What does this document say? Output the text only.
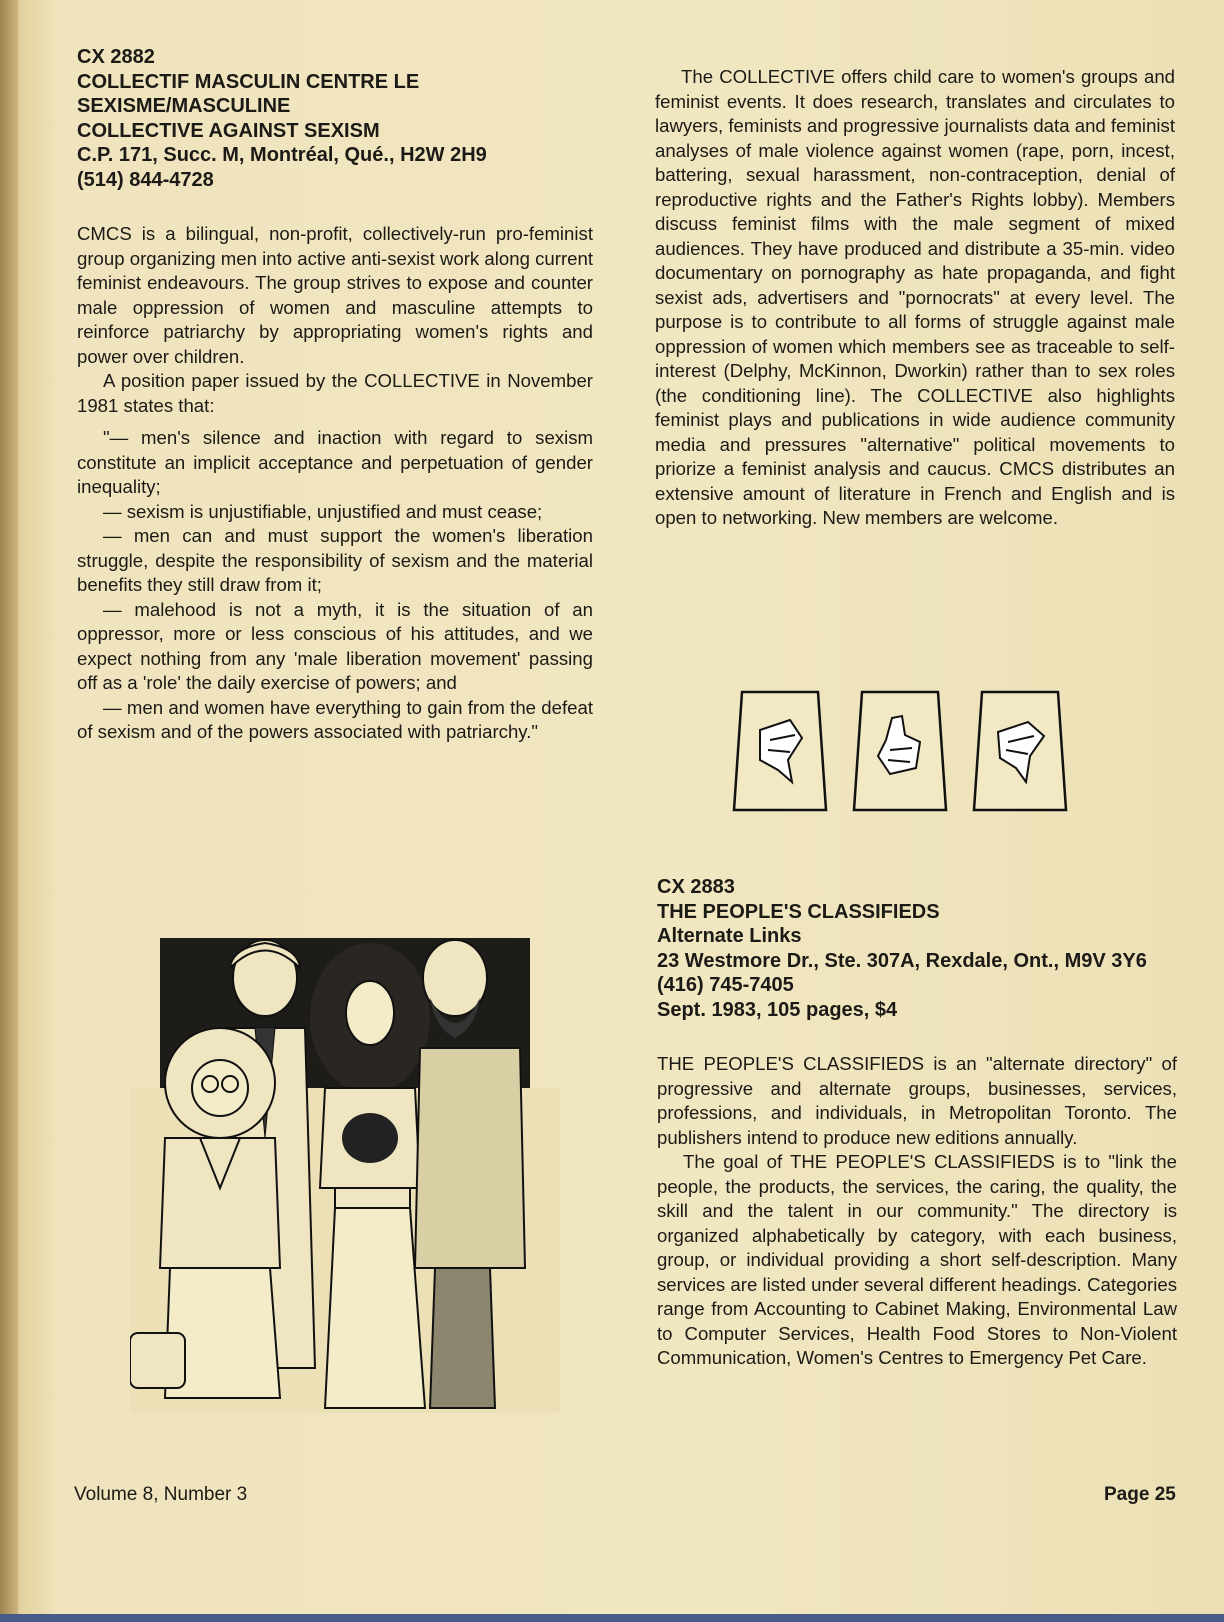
CX 2882
COLLECTIF MASCULIN CENTRE LE
SEXISME/MASCULINE
COLLECTIVE AGAINST SEXISM
C.P. 171, Succ. M, Montréal, Qué., H2W 2H9
(514) 844-4728

CMCS is a bilingual, non-profit, collectively-run pro-feminist group organizing men into active anti-sexist work along current feminist endeavours. The group strives to expose and counter male oppression of women and masculine attempts to reinforce patriarchy by appropriating women's rights and power over children.

A position paper issued by the COLLECTIVE in November 1981 states that:

"— men's silence and inaction with regard to sexism constitute an implicit acceptance and perpetuation of gender inequality;

— sexism is unjustifiable, unjustified and must cease;

— men can and must support the women's liberation struggle, despite the responsibility of sexism and the material benefits they still draw from it;

— malehood is not a myth, it is the situation of an oppressor, more or less conscious of his attitudes, and we expect nothing from any 'male liberation movement' passing off as a 'role' the daily exercise of powers; and

— men and women have everything to gain from the defeat of sexism and of the powers associated with patriarchy."

The COLLECTIVE offers child care to women's groups and feminist events. It does research, translates and circulates to lawyers, feminists and progressive journalists data and feminist analyses of male violence against women (rape, porn, incest, battering, sexual harassment, non-contraception, denial of reproductive rights and the Father's Rights lobby). Members discuss feminist films with the male segment of mixed audiences. They have produced and distribute a 35-min. video documentary on pornography as hate propaganda, and fight sexist ads, advertisers and "pornocrats" at every level. The purpose is to contribute to all forms of struggle against male oppression of women which members see as traceable to self-interest (Delphy, McKinnon, Dworkin) rather than to sex roles (the conditioning line). The COLLECTIVE also highlights feminist plays and publications in wide audience community media and pressures "alternative" political movements to priorize a feminist analysis and caucus. CMCS distributes an extensive amount of literature in French and English and is open to networking. New members are welcome.

CX 2883
THE PEOPLE'S CLASSIFIEDS
Alternate Links
23 Westmore Dr., Ste. 307A, Rexdale, Ont., M9V 3Y6
(416) 745-7405
Sept. 1983, 105 pages, $4

THE PEOPLE'S CLASSIFIEDS is an "alternate directory" of progressive and alternate groups, businesses, services, professions, and individuals, in Metropolitan Toronto. The publishers intend to produce new editions annually.

The goal of THE PEOPLE'S CLASSIFIEDS is to "link the people, the products, the services, the caring, the quality, the skill and the talent in our community." The directory is organized alphabetically by category, with each business, group, or individual providing a short self-description. Many services are listed under several different headings. Categories range from Accounting to Cabinet Making, Environmental Law to Computer Services, Health Food Stores to Non-Violent Communication, Women's Centres to Emergency Pet Care.

Volume 8, Number 3	Page 25
